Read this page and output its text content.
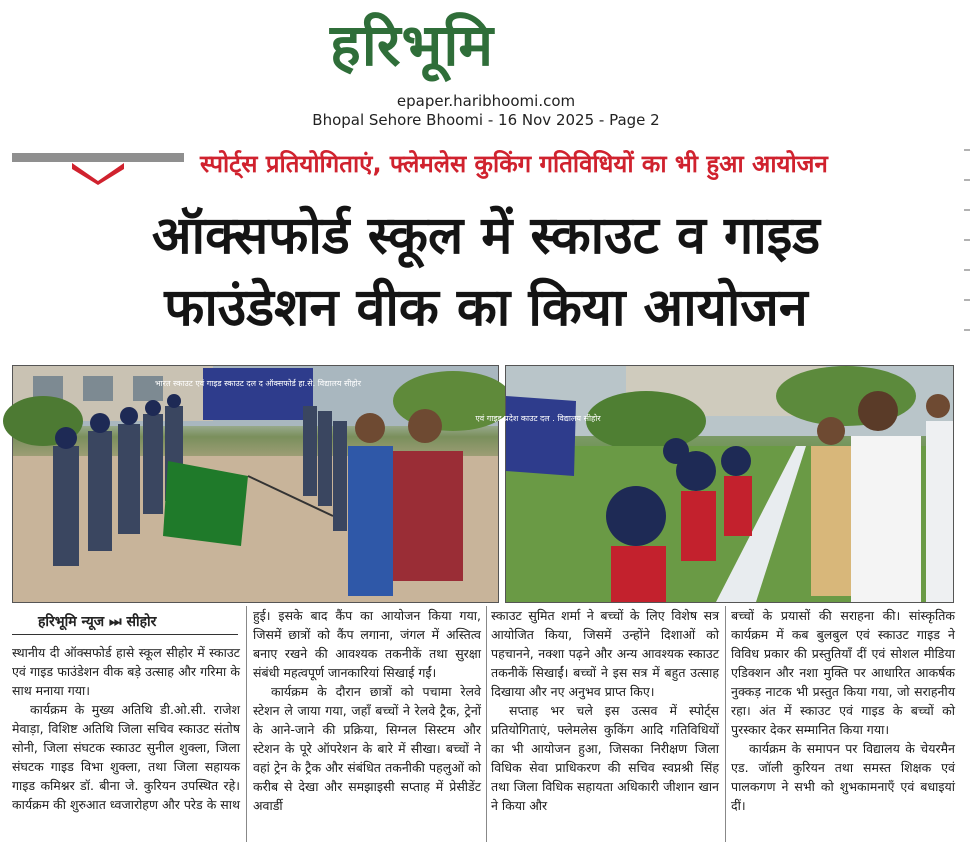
हरिभूमि
epaper.haribhoomi.com
Bhopal Sehore Bhoomi - 16 Nov 2025 - Page 2
स्पोर्ट्स प्रतियोगिताएं, फ्लेमलेस कुकिंग गतिविधियों का भी हुआ आयोजन
ऑक्सफोर्ड स्कूल में स्काउट व गाइड
फाउंडेशन वीक का किया आयोजन
भारत स्काउट एवं गाइड स्काउट दल द ऑक्सफोर्ड हा.से. विद्यालय सीहोर
एवं गाइड प्रदेश काउट दल . विद्यालय सीहोर
हरिभूमि न्यूज ⏭ सीहोर

स्थानीय दी ऑक्सफोर्ड हासे स्कूल सीहोर में स्काउट एवं गाइड फाउंडेशन वीक बड़े उत्साह और गरिमा के साथ मनाया गया।

कार्यक्रम के मुख्य अतिथि डी.ओ.सी. राजेश मेवाड़ा, विशिष्ट अतिथि जिला सचिव स्काउट संतोष सोनी, जिला संघटक स्काउट सुनील शुक्ला, जिला संघटक गाइड विभा शुक्ला, तथा जिला सहायक गाइड कमिश्नर डॉ. बीना जे. कुरियन उपस्थित रहे। कार्यक्रम की शुरुआत ध्वजारोहण और परेड के साथ

हुई। इसके बाद कैंप का आयोजन किया गया, जिसमें छात्रों को कैंप लगाना, जंगल में अस्तित्व बनाए रखने की आवश्यक तकनीकें तथा सुरक्षा संबंधी महत्वपूर्ण जानकारियां सिखाई गईं।

कार्यक्रम के दौरान छात्रों को पचामा रेलवे स्टेशन ले जाया गया, जहाँ बच्चों ने रेलवे ट्रैक, ट्रेनों के आने-जाने की प्रक्रिया, सिग्नल सिस्टम और स्टेशन के पूरे ऑपरेशन के बारे में सीखा। बच्चों ने वहां ट्रेन के ट्रैक और संबंधित तकनीकी पहलुओं को करीब से देखा और समझाइसी सप्ताह में प्रेसीडेंट अवार्डी

स्काउट सुमित शर्मा ने बच्चों के लिए विशेष सत्र आयोजित किया, जिसमें उन्होंने दिशाओं को पहचानने, नक्शा पढ़ने और अन्य आवश्यक स्काउट तकनीकें सिखाईं। बच्चों ने इस सत्र में बहुत उत्साह दिखाया और नए अनुभव प्राप्त किए।

सप्ताह भर चले इस उत्सव में स्पोर्ट्स प्रतियोगिताएं, फ्लेमलेस कुकिंग आदि गतिविधियों का भी आयोजन हुआ, जिसका निरीक्षण जिला विधिक सेवा प्राधिकरण की सचिव स्वप्नश्री सिंह तथा जिला विधिक सहायता अधिकारी जीशान खान ने किया और

बच्चों के प्रयासों की सराहना की। सांस्कृतिक कार्यक्रम में कब बुलबुल एवं स्काउट गाइड ने विविध प्रकार की प्रस्तुतियाँ दीं एवं सोशल मीडिया एडिक्शन और नशा मुक्ति पर आधारित आकर्षक नुक्कड़ नाटक भी प्रस्तुत किया गया, जो सराहनीय रहा। अंत में स्काउट एवं गाइड के बच्चों को पुरस्कार देकर सम्मानित किया गया।

कार्यक्रम के समापन पर विद्यालय के चेयरमैन एड. जॉली कुरियन तथा समस्त शिक्षक एवं पालकगण ने सभी को शुभकामनाएँ एवं बधाइयां दीं।
